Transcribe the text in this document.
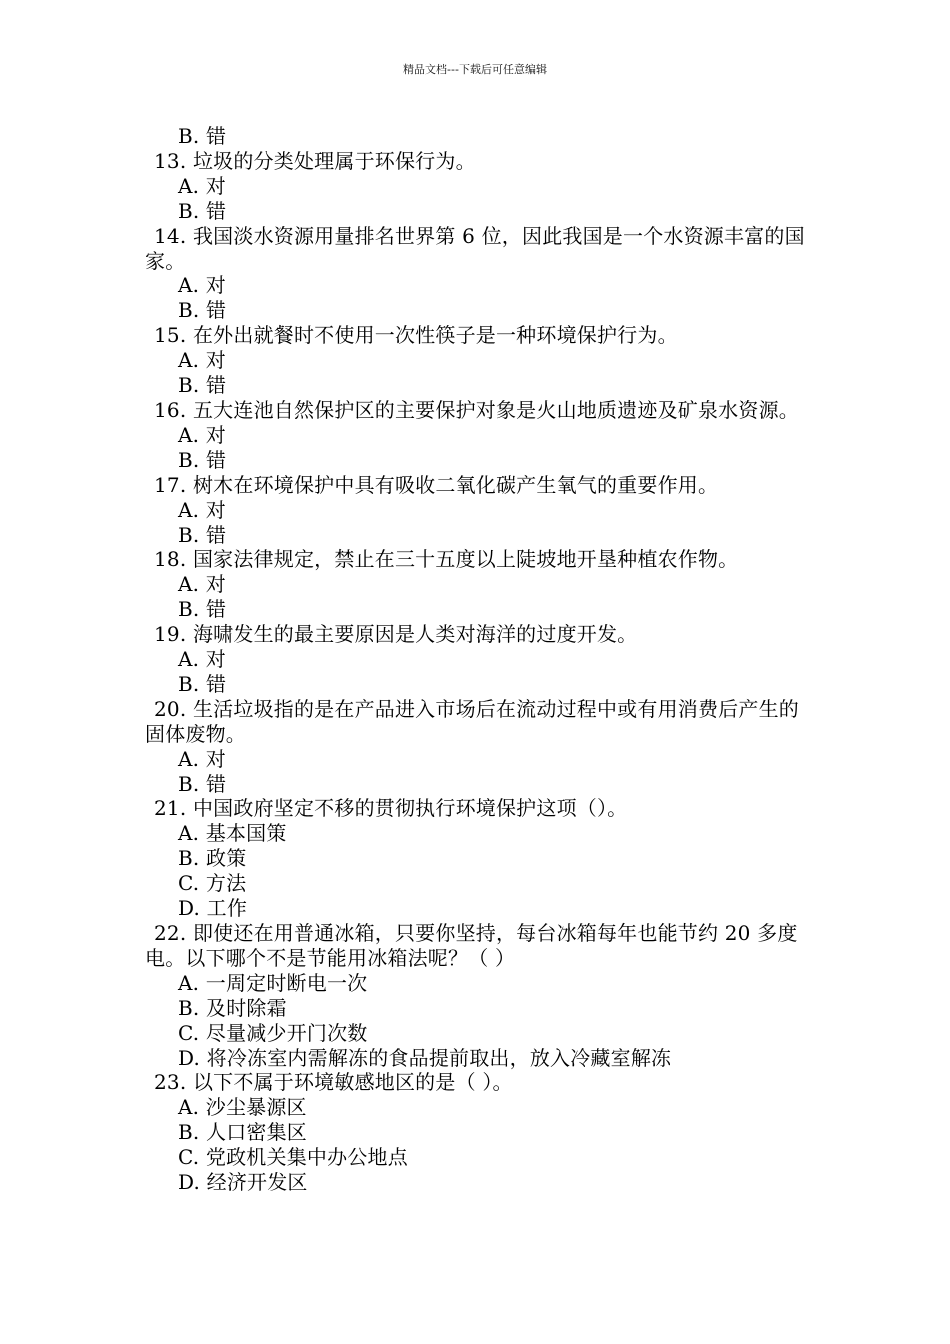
精品文档---下载后可任意编辑
B. 错
13. 垃圾的分类处理属于环保行为。
A. 对
B. 错
14. 我国淡水资源用量排名世界第 6 位，因此我国是一个水资源丰富的国家。
A. 对
B. 错
15. 在外出就餐时不使用一次性筷子是一种环境保护行为。
A. 对
B. 错
16. 五大连池自然保护区的主要保护对象是火山地质遗迹及矿泉水资源。
A. 对
B. 错
17. 树木在环境保护中具有吸收二氧化碳产生氧气的重要作用。
A. 对
B. 错
18. 国家法律规定，禁止在三十五度以上陡坡地开垦种植农作物。
A. 对
B. 错
19. 海啸发生的最主要原因是人类对海洋的过度开发。
A. 对
B. 错
20. 生活垃圾指的是在产品进入市场后在流动过程中或有用消费后产生的固体废物。
A. 对
B. 错
21. 中国政府坚定不移的贯彻执行环境保护这项（）。
A. 基本国策
B. 政策
C. 方法
D. 工作
22. 即使还在用普通冰箱，只要你坚持，每台冰箱每年也能节约 20 多度电。以下哪个不是节能用冰箱法呢？（ ）
A. 一周定时断电一次
B. 及时除霜
C. 尽量减少开门次数
D. 将冷冻室内需解冻的食品提前取出，放入冷藏室解冻
23. 以下不属于环境敏感地区的是（ ）。
A. 沙尘暴源区
B. 人口密集区
C. 党政机关集中办公地点
D. 经济开发区
